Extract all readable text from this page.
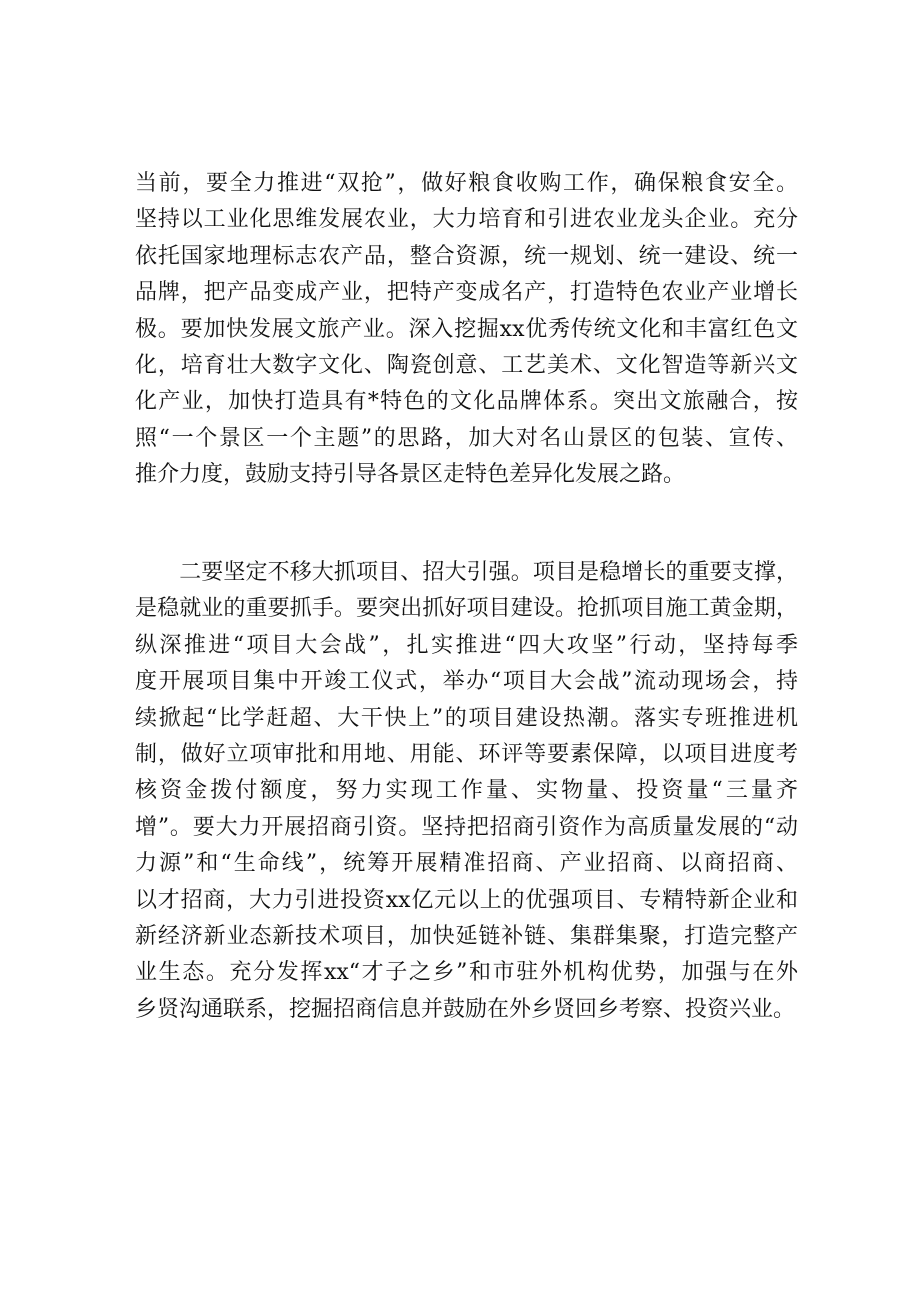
当前，要全力推进“双抢”，做好粮食收购工作，确保粮食安全。
坚持以工业化思维发展农业，大力培育和引进农业龙头企业。充分
依托国家地理标志农产品，整合资源，统一规划、统一建设、统一
品牌，把产品变成产业，把特产变成名产，打造特色农业产业增长
极。要加快发展文旅产业。深入挖掘xx优秀传统文化和丰富红色文
化，培育壮大数字文化、陶瓷创意、工艺美术、文化智造等新兴文
化产业，加快打造具有*特色的文化品牌体系。突出文旅融合，按
照“一个景区一个主题”的思路，加大对名山景区的包装、宣传、
推介力度，鼓励支持引导各景区走特色差异化发展之路。
　　二要坚定不移大抓项目、招大引强。项目是稳增长的重要支撑，
是稳就业的重要抓手。要突出抓好项目建设。抢抓项目施工黄金期，
纵深推进“项目大会战”，扎实推进“四大攻坚”行动，坚持每季
度开展项目集中开竣工仪式，举办“项目大会战”流动现场会，持
续掀起“比学赶超、大干快上”的项目建设热潮。落实专班推进机
制，做好立项审批和用地、用能、环评等要素保障，以项目进度考
核资金拨付额度，努力实现工作量、实物量、投资量“三量齐
增”。要大力开展招商引资。坚持把招商引资作为高质量发展的“动
力源”和“生命线”，统筹开展精准招商、产业招商、以商招商、
以才招商，大力引进投资xx亿元以上的优强项目、专精特新企业和
新经济新业态新技术项目，加快延链补链、集群集聚，打造完整产
业生态。充分发挥xx“才子之乡”和市驻外机构优势，加强与在外
乡贤沟通联系，挖掘招商信息并鼓励在外乡贤回乡考察、投资兴业。
